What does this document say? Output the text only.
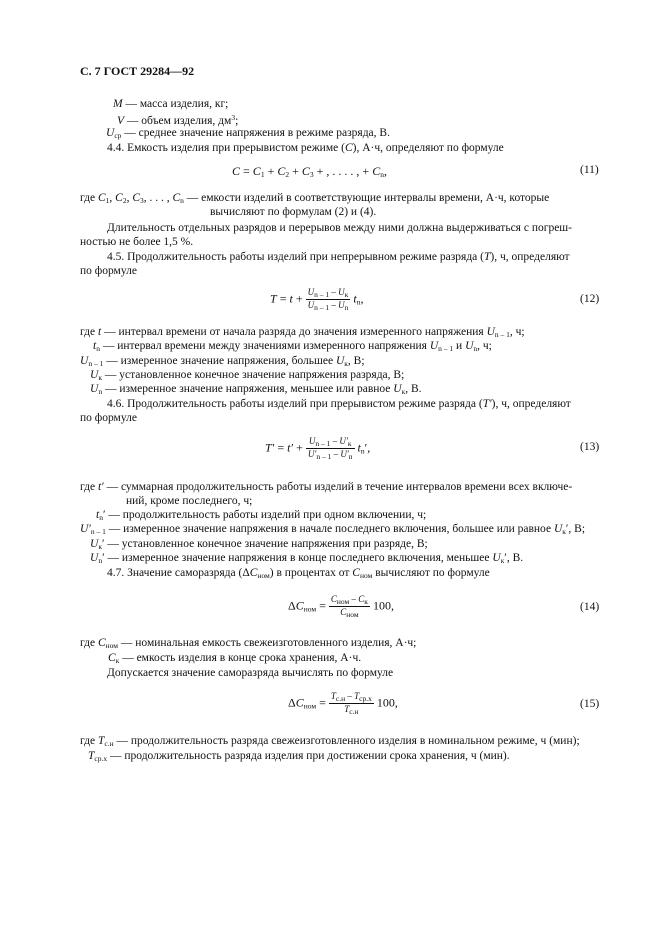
С. 7 ГОСТ 29284—92
M — масса изделия, кг;
V — объем изделия, $дм^3$;
$U_{ср}$ — среднее значение напряжения в режиме разряда, В.
4.4. Емкость изделия при прерывистом режиме (C), А·ч, определяют по формуле
$C = C_1 + C_2 + C_3$ + , . . . . , + $C_n$,	(11)
где $C_1$, $C_2$, $C_3$, . . . , $C_n$ — емкости изделий в соответствующие интервалы времени, А·ч, которые
вычисляют по формулам (2) и (4).
Длительность отдельных разрядов и перерывов между ними должна выдерживаться с погреш-
ностью не более 1,5 %.
4.5. Продолжительность работы изделий при непрерывном режиме разряда (T), ч, определяют
по формуле
$T = t + \frac{U_{n - 1} - U_к}{U_{n - 1} - U_n} t_n$,	(12)
где t — интервал времени от начала разряда до значения измеренного напряжения $U_{n - 1}$, ч;
$t_n$ — интервал времени между значениями измеренного напряжения $U_{n - 1}$ и $U_n$, ч;
$U_{n - 1}$ — измеренное значение напряжения, большее $U_к$, В;
$U_к$ — установленное конечное значение напряжения разряда, В;
$U_n$ — измеренное значение напряжения, меньшее или равное $U_к$, В.
4.6. Продолжительность работы изделий при прерывистом режиме разряда (T′), ч, определяют
по формуле
$T' = t' + \frac{U_{n - 1} - U'_к}{U'_{n - 1} - U'_n} t_n'$,	(13)
где t′ — суммарная продолжительность работы изделий в течение интервалов времени всех включе-
ний, кроме последнего, ч;
$t_n'$ — продолжительность работы изделий при одном включении, ч;
$U'_{n - 1}$ — измеренное значение напряжения в начале последнего включения, большее или равное $U_к'$, В;
$U_к'$ — установленное конечное значение напряжения при разряде, В;
$U_n'$ — измеренное значение напряжения в конце последнего включения, меньшее $U_к'$, В.
4.7. Значение саморазряда $(\Delta C_{ном})$ в процентах от $C_{ном}$ вычисляют по формуле
$\Delta C_{ном} = \frac{C_{ном} - C_к}{C_{ном}} 100$,	(14)
где $C_{ном}$ — номинальная емкость свежеизготовленного изделия, А·ч;
$C_к$ — емкость изделия в конце срока хранения, А·ч.
Допускается значение саморазряда вычислять по формуле
$\Delta C_{ном} = \frac{T_{с.н} - T_{ср.х}}{T_{с.н}} 100$,	(15)
где $T_{с.н}$ — продолжительность разряда свежеизготовленного изделия в номинальном режиме, ч (мин);
$T_{ср.х}$ — продолжительность разряда изделия при достижении срока хранения, ч (мин).
